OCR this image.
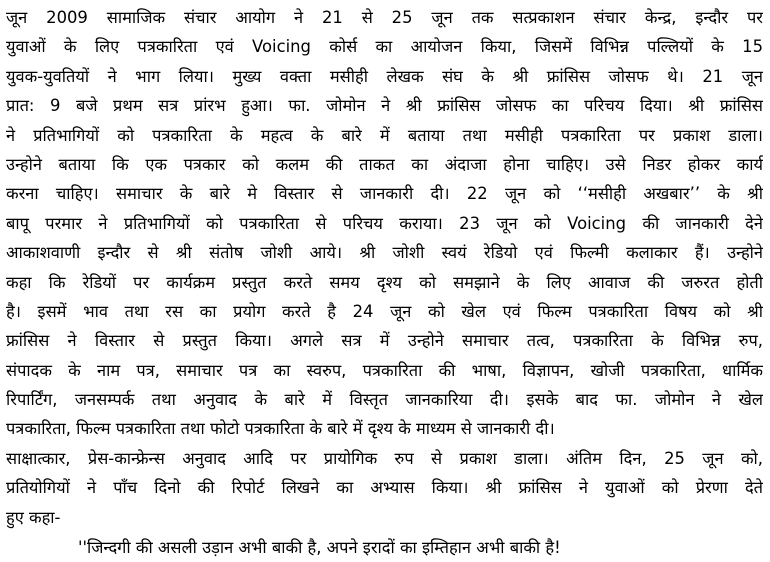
जून 2009 सामाजिक संचार आयोग ने 21 से 25 जून तक सत्प्रकाशन संचार केन्द्र, इन्दौर पर
युवाओं के लिए पत्रकारिता एवं Voicing कोर्स का आयोजन किया, जिसमें विभिन्न पल्लियों के 15
युवक-युवतियों ने भाग लिया। मुख्य वक्ता मसीही लेखक संघ के श्री फ्रांसिस जोसफ थे। 21 जून
प्रात: 9 बजे प्रथम सत्र प्रांरभ हुआ। फा. जोमोन ने श्री फ्रांसिस जोसफ का परिचय दिया। श्री फ्रांसिस
ने प्रतिभागियों को पत्रकारिता के महत्व के बारे में बताया तथा मसीही पत्रकारिता पर प्रकाश डाला।
उन्होने बताया कि एक पत्रकार को कलम की ताकत का अंदाजा होना चाहिए। उसे निडर होकर कार्य
करना चाहिए। समाचार के बारे मे विस्तार से जानकारी दी। 22 जून को ‘‘मसीही अखबार’’ के श्री
बापू परमार ने प्रतिभागियों को पत्रकारिता से परिचय कराया। 23 जून को Voicing की जानकारी देने
आकाशवाणी इन्दौर से श्री संतोष जोशी आये। श्री जोशी स्वयं रेडियो एवं फिल्मी कलाकार हैं। उन्होने
कहा कि रेडियों पर कार्यक्रम प्रस्तुत करते समय दृश्य को समझाने के लिए आवाज की जरुरत होती
है। इसमें भाव तथा रस का प्रयोग करते है 24 जून को खेल एवं फिल्म पत्रकारिता विषय को श्री
फ्रांसिस ने विस्तार से प्रस्तुत किया। अगले सत्र में उन्होने समाचार तत्व, पत्रकारिता के विभिन्न रुप,
संपादक के नाम पत्र, समाचार पत्र का स्वरुप, पत्रकारिता की भाषा, विज्ञापन, खोजी पत्रकारिता, धार्मिक
रिपार्टिंग, जनसम्पर्क तथा अनुवाद के बारे में विस्तृत जानकारिया दी। इसके बाद फा. जोमोन ने खेल
पत्रकारिता, फिल्म पत्रकारिता तथा फोटो पत्रकारिता के बारे में दृश्य के माध्यम से जानकारी दी।
साक्षात्कार, प्रेस-कान्फ्रेन्स अनुवाद आदि पर प्रायोगिक रुप से प्रकाश डाला। अंतिम दिन, 25 जून को,
प्रतियोगियों ने पाँच दिनो की रिपोर्ट लिखने का अभ्यास किया। श्री फ्रांसिस ने युवाओं को प्रेरणा देते
हुए कहा-
''जिन्दगी की असली उड़ान अभी बाकी है, अपने इरादों का इम्तिहान अभी बाकी है!
